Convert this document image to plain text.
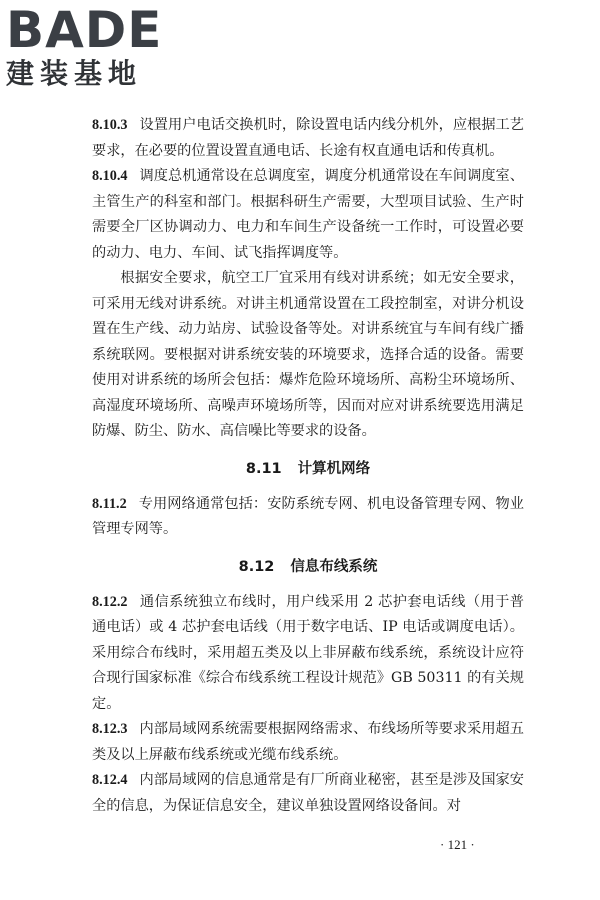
BADE
建装基地

8.10.3 设置用户电话交换机时，除设置电话内线分机外，应根据工艺要求，在必要的位置设置直通电话、长途有权直通电话和传真机。

8.10.4 调度总机通常设在总调度室，调度分机通常设在车间调度室、主管生产的科室和部门。根据科研生产需要，大型项目试验、生产时需要全厂区协调动力、电力和车间生产设备统一工作时，可设置必要的动力、电力、车间、试飞指挥调度等。

根据安全要求，航空工厂宜采用有线对讲系统；如无安全要求，可采用无线对讲系统。对讲主机通常设置在工段控制室，对讲分机设置在生产线、动力站房、试验设备等处。对讲系统宜与车间有线广播系统联网。要根据对讲系统安装的环境要求，选择合适的设备。需要使用对讲系统的场所会包括：爆炸危险环境场所、高粉尘环境场所、高湿度环境场所、高噪声环境场所等，因而对应对讲系统要选用满足防爆、防尘、防水、高信噪比等要求的设备。

8.11 计算机网络

8.11.2 专用网络通常包括：安防系统专网、机电设备管理专网、物业管理专网等。

8.12 信息布线系统

8.12.2 通信系统独立布线时，用户线采用 2 芯护套电话线（用于普通电话）或 4 芯护套电话线（用于数字电话、IP 电话或调度电话）。采用综合布线时，采用超五类及以上非屏蔽布线系统，系统设计应符合现行国家标准《综合布线系统工程设计规范》GB 50311 的有关规定。

8.12.3 内部局域网系统需要根据网络需求、布线场所等要求采用超五类及以上屏蔽布线系统或光缆布线系统。

8.12.4 内部局域网的信息通常是有厂所商业秘密，甚至是涉及国家安全的信息，为保证信息安全，建议单独设置网络设备间。对

· 121 ·
